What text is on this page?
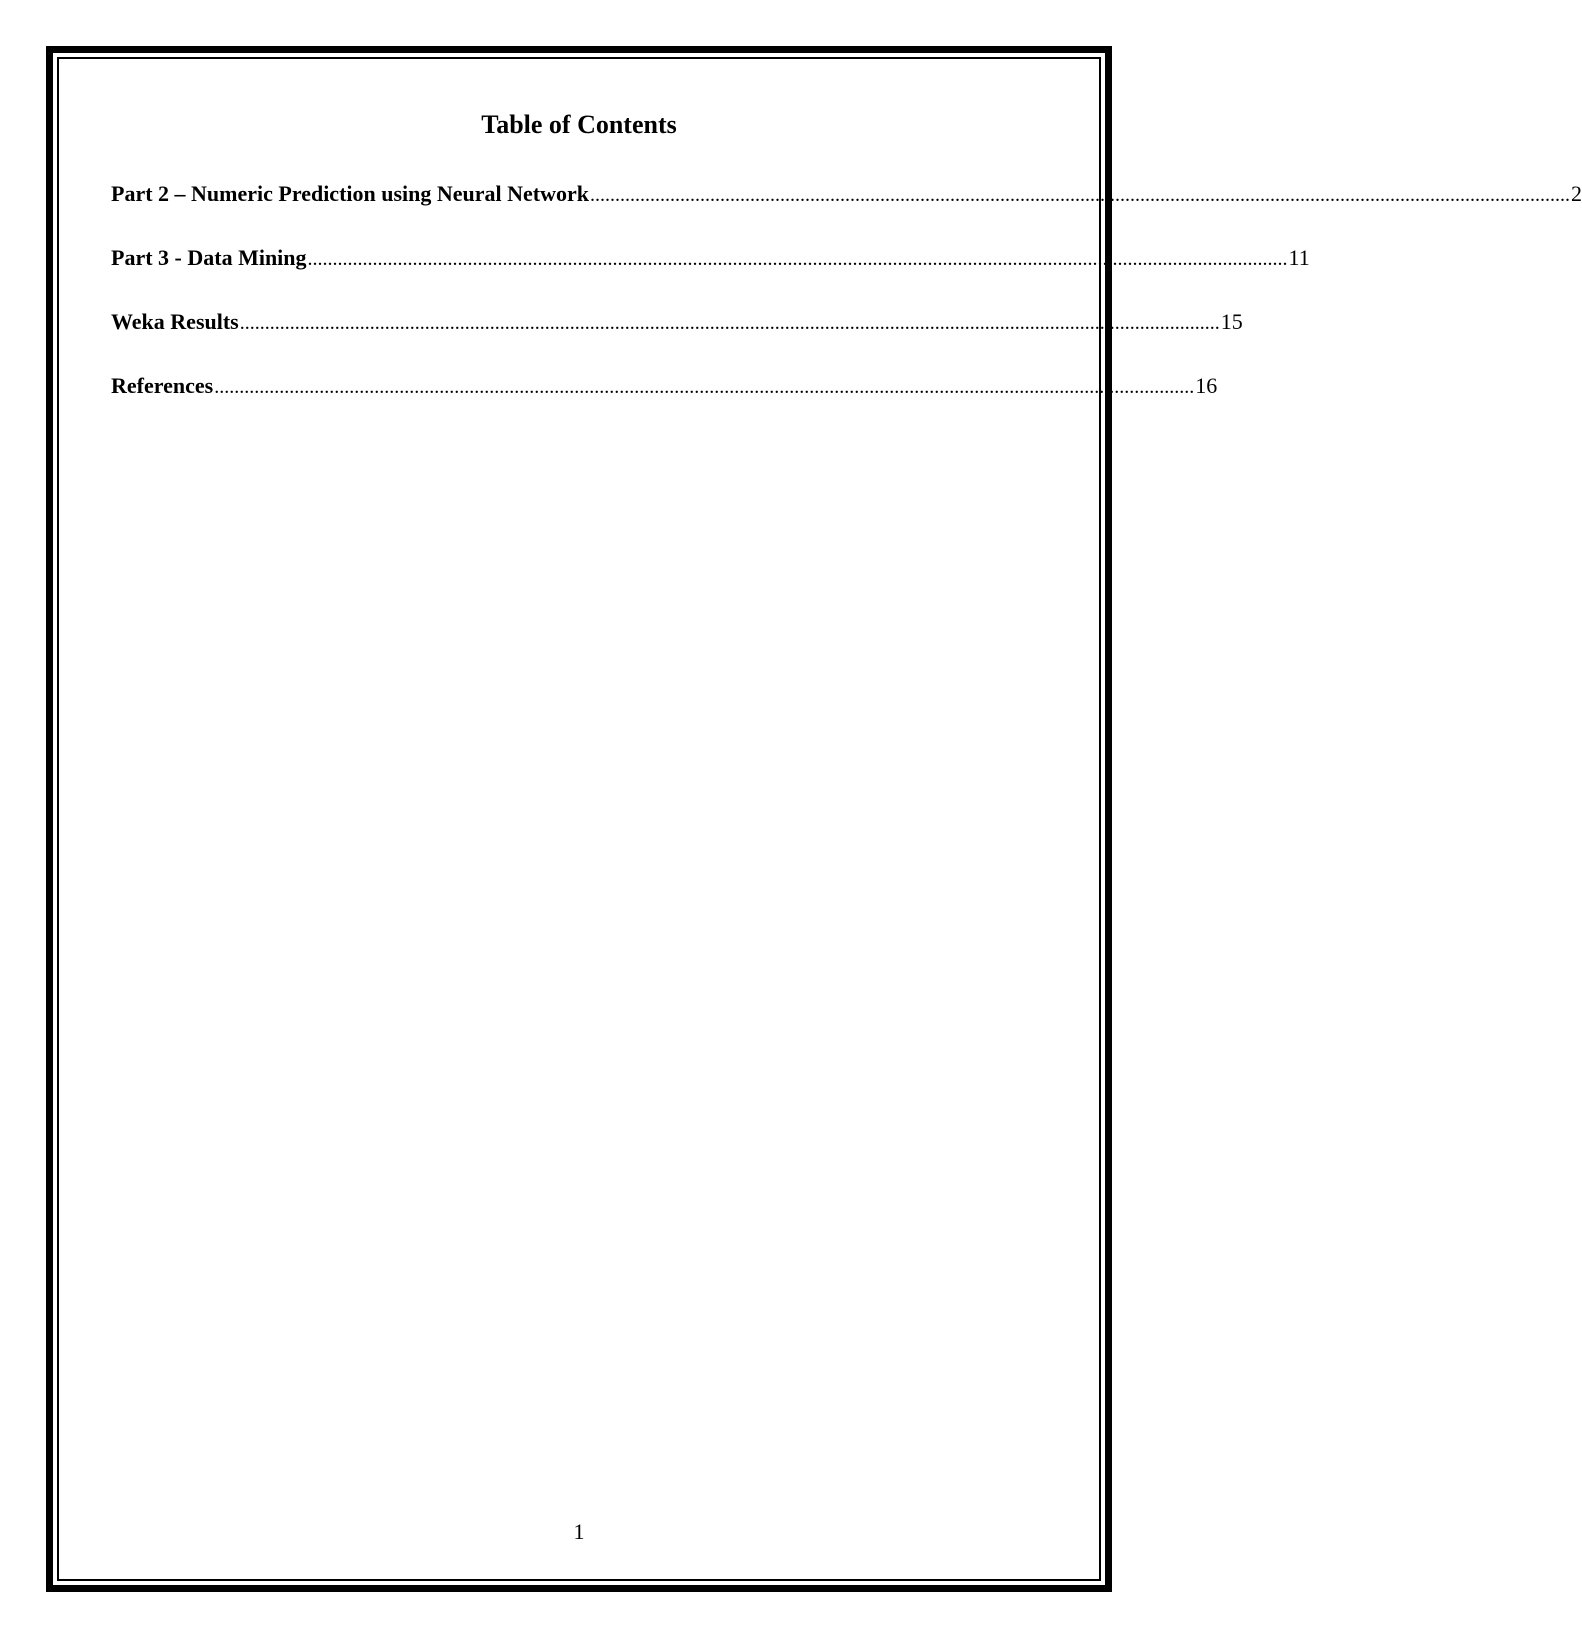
Table of Contents
Part 2 – Numeric Prediction using Neural Network .................................................................................................................................................................................................... 2
Part 3 - Data Mining .................................................................................................................................................................................................... 11
Weka Results .................................................................................................................................................................................................... 15
References .................................................................................................................................................................................................... 16
1
